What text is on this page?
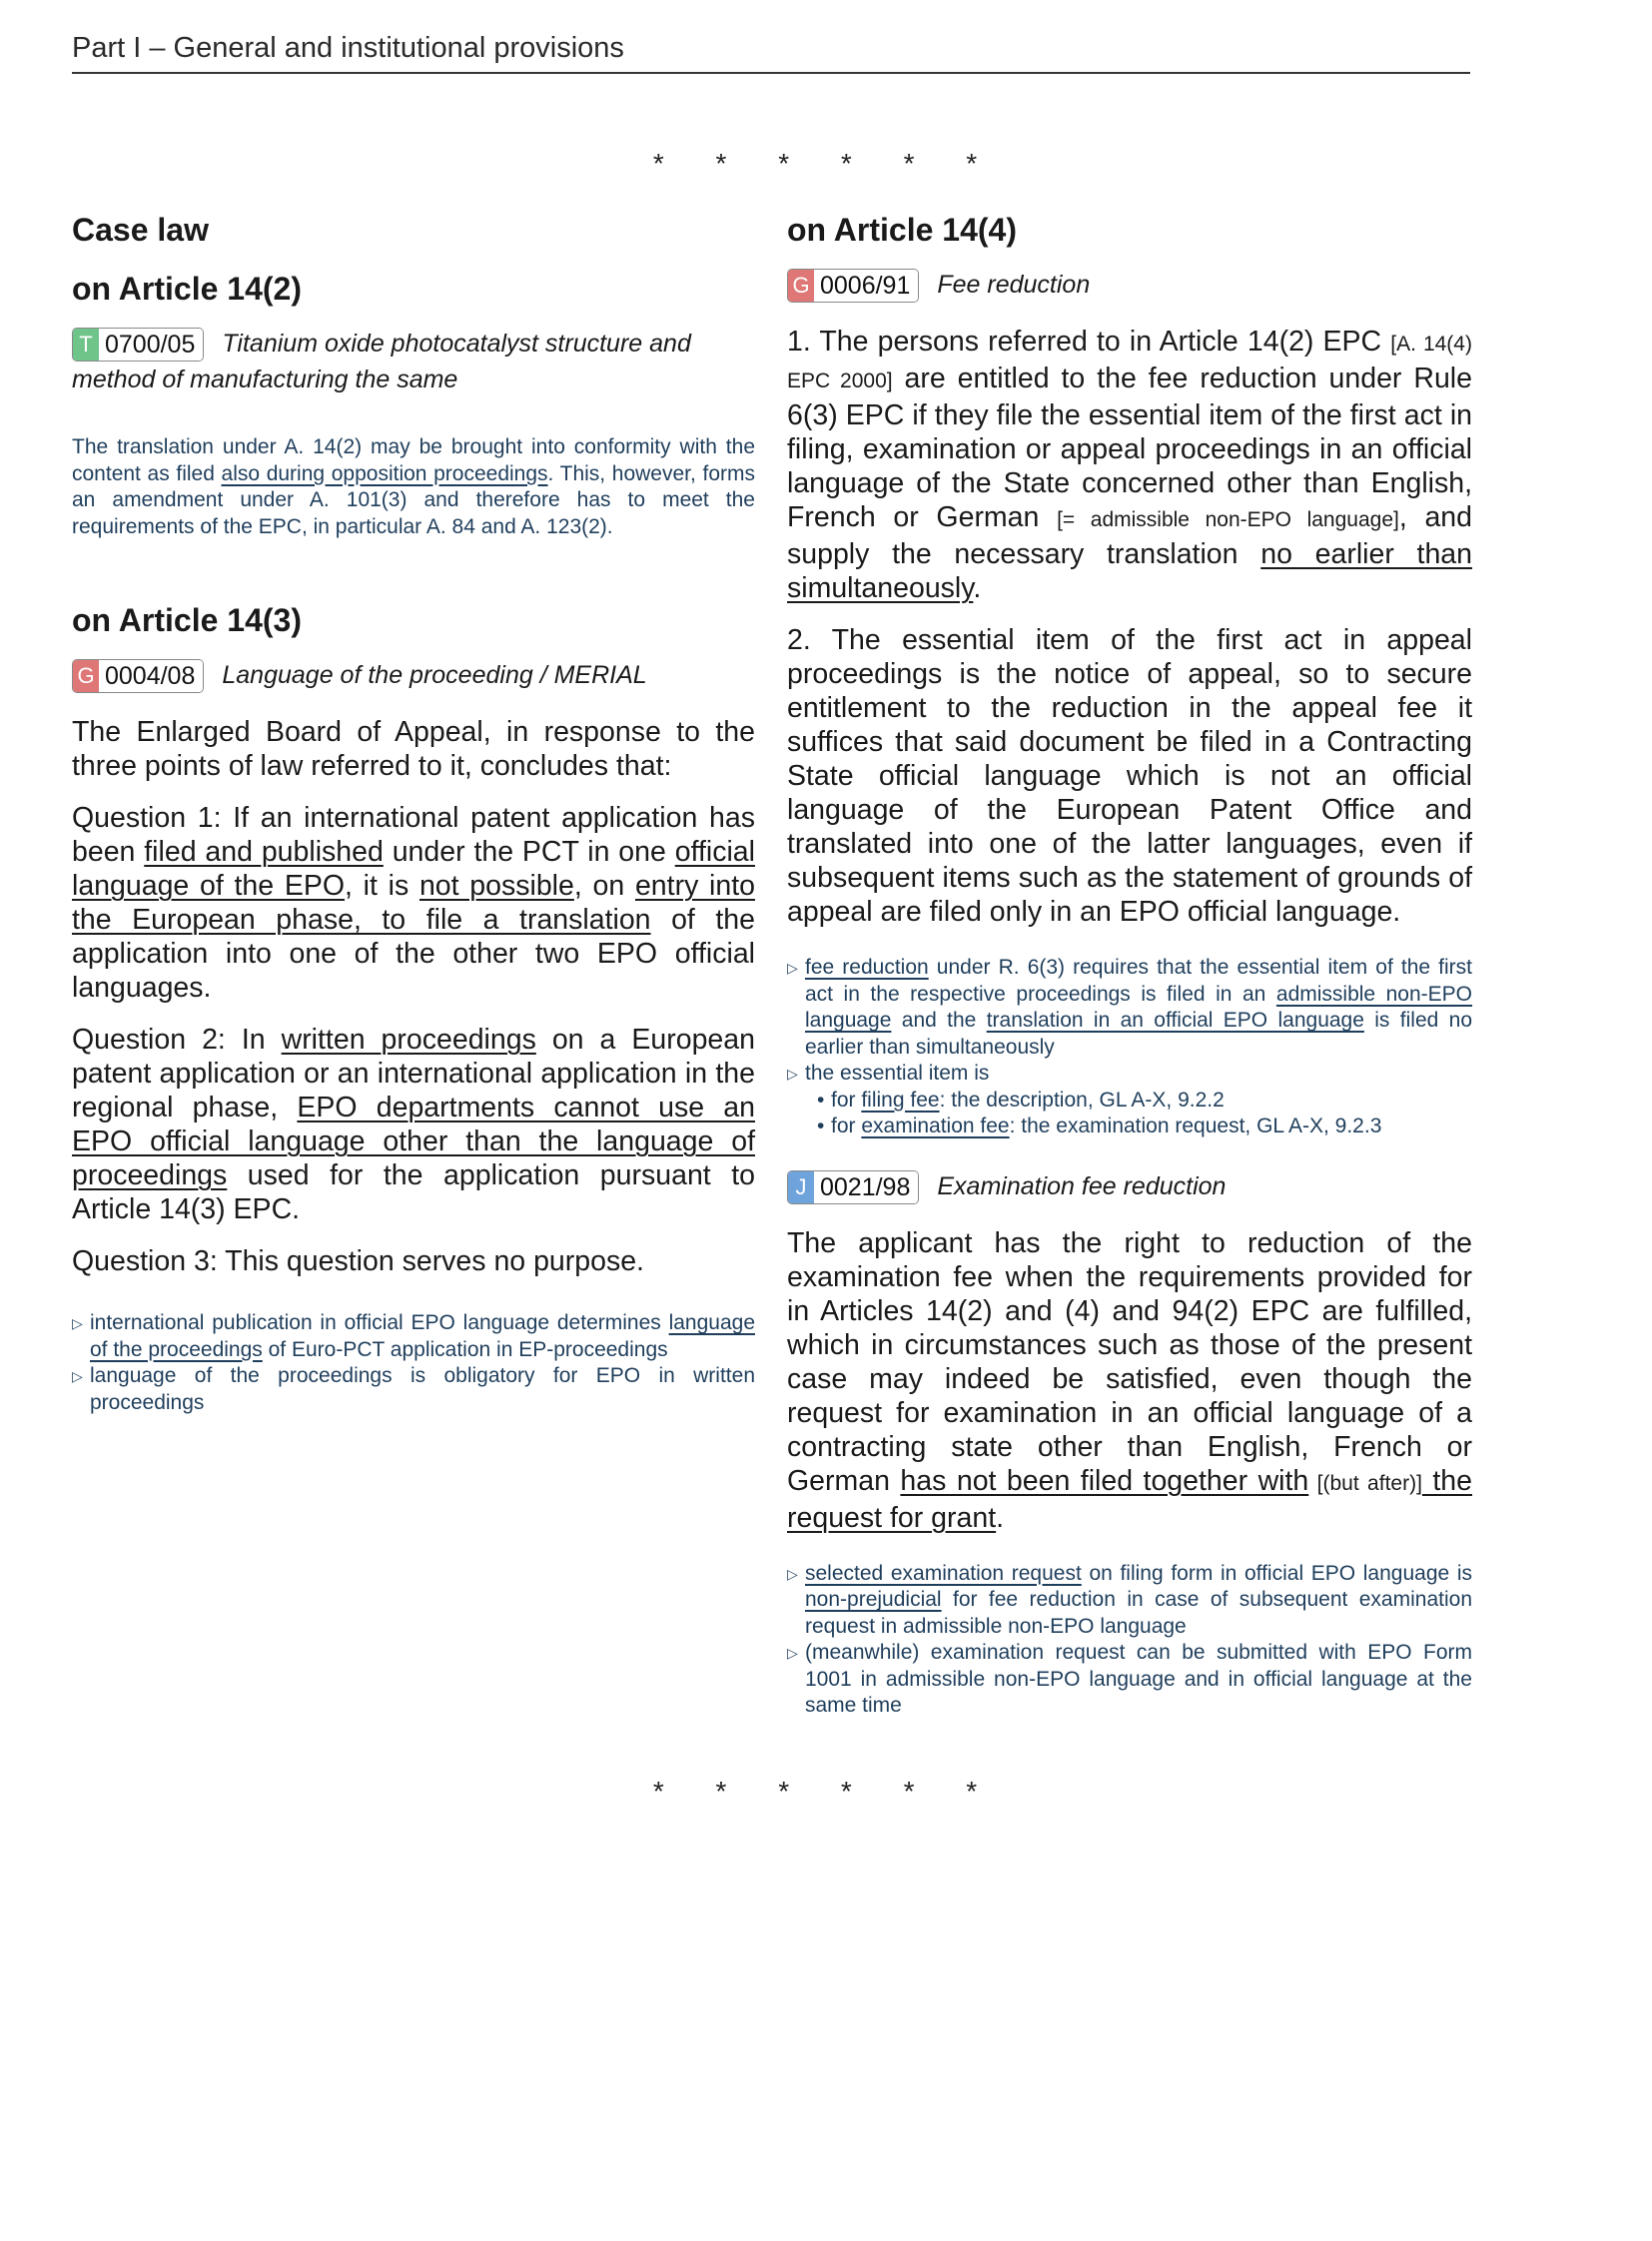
Part I – General and institutional provisions
* * * * * *
Case law
on Article 14(2)
T 0700/05	Titanium oxide photocatalyst structure and method of manufacturing the same

The translation under A. 14(2) may be brought into conformity with the content as filed also during opposition proceedings. This, however, forms an amendment under A. 101(3) and therefore has to meet the requirements of the EPC, in particular A. 84 and A. 123(2).

on Article 14(3)
G 0004/08	Language of the proceeding / MERIAL

The Enlarged Board of Appeal, in response to the three points of law referred to it, concludes that:

Question 1: If an international patent application has been filed and published under the PCT in one official language of the EPO, it is not possible, on entry into the European phase, to file a translation of the application into one of the other two EPO official languages.

Question 2: In written proceedings on a European patent application or an international application in the regional phase, EPO departments cannot use an EPO official language other than the language of proceedings used for the application pursuant to Article 14(3) EPC.

Question 3: This question serves no purpose.

▷ international publication in official EPO language determines language of the proceedings of Euro-PCT application in EP-proceedings
▷ language of the proceedings is obligatory for EPO in written proceedings
on Article 14(4)
G 0006/91	Fee reduction

1. The persons referred to in Article 14(2) EPC [A. 14(4) EPC 2000] are entitled to the fee reduction under Rule 6(3) EPC if they file the essential item of the first act in filing, examination or appeal proceedings in an official language of the State concerned other than English, French or German [= admissible non-EPO language], and supply the necessary translation no earlier than simultaneously.

2. The essential item of the first act in appeal proceedings is the notice of appeal, so to secure entitlement to the reduction in the appeal fee it suffices that said document be filed in a Contracting State official language which is not an official language of the European Patent Office and translated into one of the latter languages, even if subsequent items such as the statement of grounds of appeal are filed only in an EPO official language.

▷ fee reduction under R. 6(3) requires that the essential item of the first act in the respective proceedings is filed in an admissible non-EPO language and the translation in an official EPO language is filed no earlier than simultaneously
▷ the essential item is
• for filing fee: the description, GL A-X, 9.2.2
• for examination fee: the examination request, GL A-X, 9.2.3
J 0021/98	Examination fee reduction

The applicant has the right to reduction of the examination fee when the requirements provided for in Articles 14(2) and (4) and 94(2) EPC are fulfilled, which in circumstances such as those of the present case may indeed be satisfied, even though the request for examination in an official language of a contracting state other than English, French or German has not been filed together with [(but after)] the request for grant.

▷ selected examination request on filing form in official EPO language is non-prejudicial for fee reduction in case of subsequent examination request in admissible non-EPO language
▷ (meanwhile) examination request can be submitted with EPO Form 1001 in admissible non-EPO language and in official language at the same time
* * * * * *
